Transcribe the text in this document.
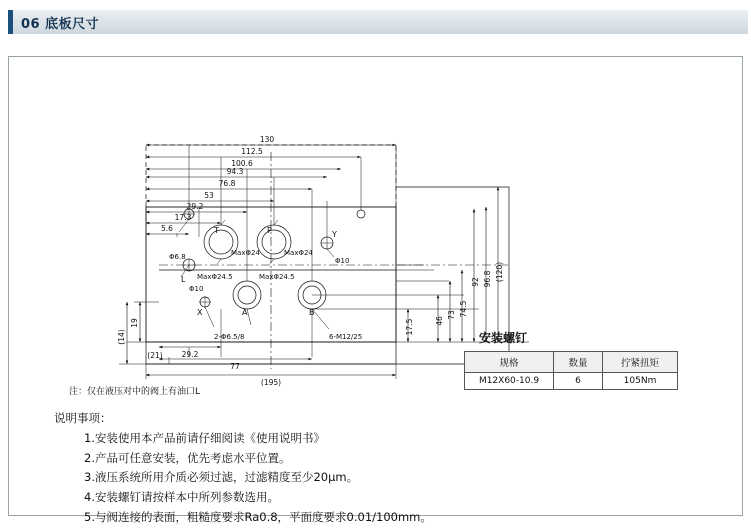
06 底板尺寸
130
112.5
100.6
94.3
76.8
53
29.2
17.3
5.6
(120)
96.8
92
74.5
73
46
17.5
(195)
77
29.2
19
(14)
(21)
T	P	Y
L
X	A	B
MaxΦ24	MaxΦ24
MaxΦ24.5	MaxΦ24.5
Φ6.8
Φ10
Φ10
2-Φ6.5/8	6-M12/25	安装螺钉
规格	数量	拧紧扭矩
M12X60-10.9	6	105Nm
注：仅在液压对中的阀上有油口L
说明事项：
1.安装使用本产品前请仔细阅读《使用说明书》
2.产品可任意安装，优先考虑水平位置。
3.液压系统所用介质必须过滤，过滤精度至少20μm。
4.安装螺钉请按样本中所列参数选用。
5.与阀连接的表面，粗糙度要求Ra0.8，平面度要求0.01/100mm。
